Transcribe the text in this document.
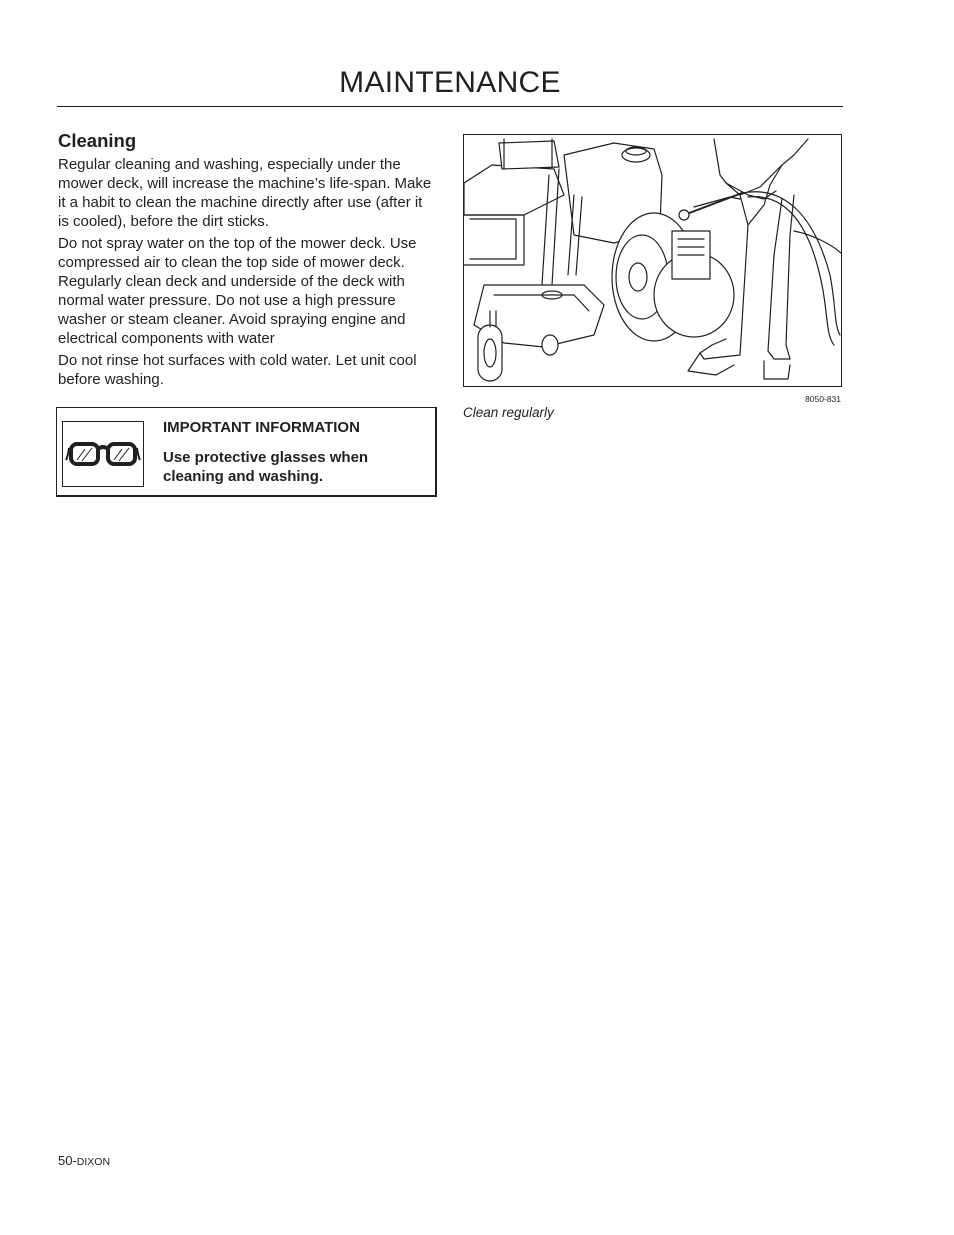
MAINTENANCE
Cleaning

Regular cleaning and washing, especially under the mower deck, will increase the machine’s life-span. Make it a habit to clean the machine directly after use (after it is cooled), before the dirt sticks.

Do not spray water on the top of the mower deck. Use compressed air to clean the top side of mower deck. Regularly clean deck and underside of the deck with normal water pressure. Do not use a high pressure washer or steam cleaner. Avoid spraying engine and electrical components with water

Do not rinse hot surfaces with cold water. Let unit cool before washing.

IMPORTANT INFORMATION

Use protective glasses when cleaning and washing.

8050-831
Clean regularly
50-DIXON
